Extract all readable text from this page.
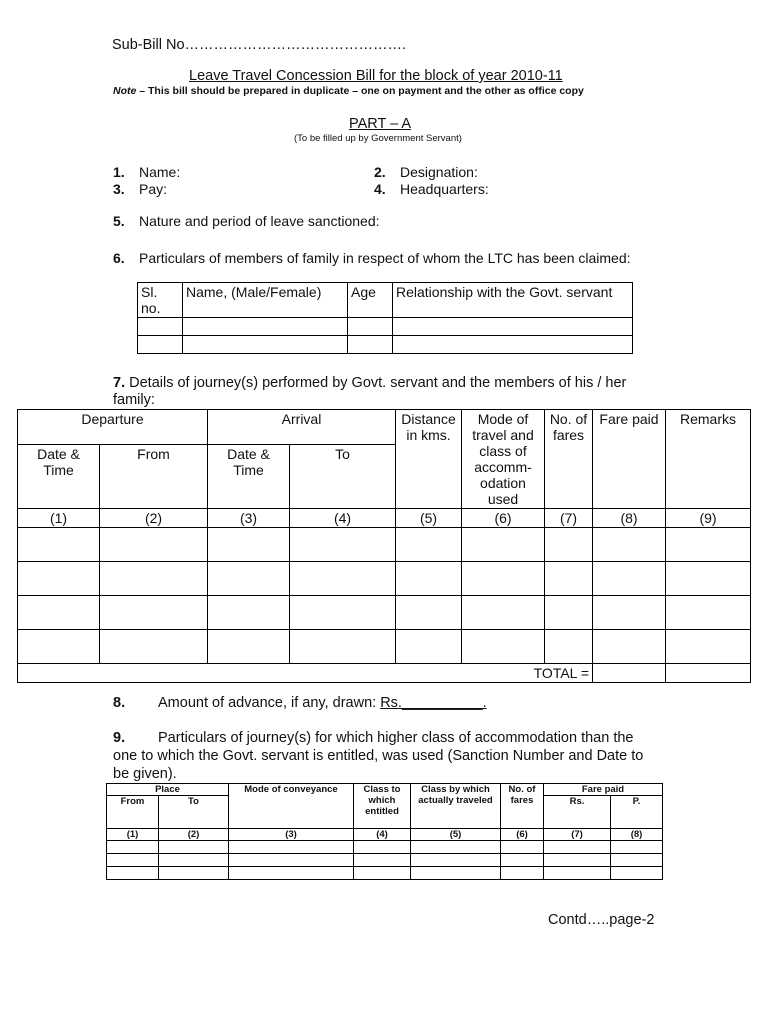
Sub-Bill No……………………………………….
Leave Travel Concession Bill for the block of year 2010-11
Note – This bill should be prepared in duplicate – one on payment and the other as office copy
PART – A
(To be filled up by Government Servant)
1. Name:	2. Designation:
3. Pay:	4. Headquarters:
5. Nature and period of leave sanctioned:
6. Particulars of members of family in respect of whom the LTC has been claimed:
Sl. no.	Name, (Male/Female)	Age	Relationship with the Govt. servant

7. Details of journey(s) performed by Govt. servant and the members of his / her family:
Departure		Arrival		Distance in kms.	Mode of travel and class of accomm-odation used	No. of fares	Fare paid	Remarks
Date & Time	From	Date & Time	To					
(1)	(2)	(3)	(4)	(5)	(6)	(7)	(8)	(9)

TOTAL =								
8. Amount of advance, if any, drawn: Rs.__________.
9. Particulars of journey(s) for which higher class of accommodation than the one to which the Govt. servant is entitled, was used (Sanction Number and Date to be given).
Place		Mode of conveyance	Class to which entitled	Class by which actually traveled	No. of fares	Fare paid	
From	To					Rs.	P.
(1)	(2)	(3)	(4)	(5)	(6)	(7)	(8)

Contd…..page-2
